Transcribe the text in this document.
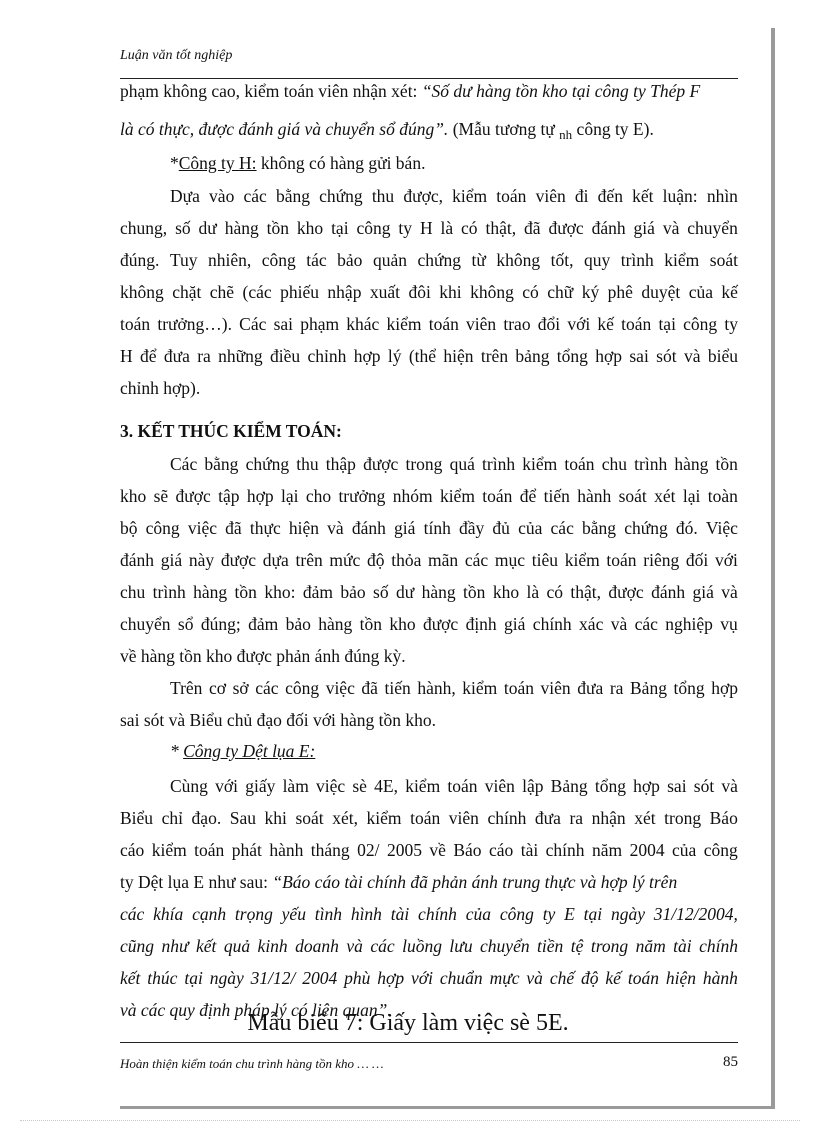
Luận văn tốt nghiệp
phạm không cao, kiểm toán viên nhận xét: “Số dư hàng tồn kho tại công ty Thép F
là có thực, được đánh giá và chuyển sổ đúng”. (Mẫu tương tự $_{nh}$ công ty E).
*Công ty H: không có hàng gửi bán.
Dựa vào các bằng chứng thu được, kiểm toán viên đi đến kết luận: nhìn
chung, số dư hàng tồn kho tại công ty H là có thật, đã được đánh giá và chuyển
đúng. Tuy nhiên, công tác bảo quản chứng từ không tốt, quy trình kiểm soát
không chặt chẽ (các phiếu nhập xuất đôi khi không có chữ ký phê duyệt của kế
toán trưởng…). Các sai phạm khác kiểm toán viên trao đổi với kế toán tại công ty
H để đưa ra những điều chỉnh hợp lý (thể hiện trên bảng tổng hợp sai sót và biểu
chỉnh hợp).
3. KẾT THÚC KIỂM TOÁN:
Các bằng chứng thu thập được trong quá trình kiểm toán chu trình hàng tồn
kho sẽ được tập hợp lại cho trưởng nhóm kiểm toán để tiến hành soát xét lại toàn
bộ công việc đã thực hiện và đánh giá tính đầy đủ của các bằng chứng đó. Việc
đánh giá này được dựa trên mức độ thỏa mãn các mục tiêu kiểm toán riêng đối với
chu trình hàng tồn kho: đảm bảo số dư hàng tồn kho là có thật, được đánh giá và
chuyển sổ đúng; đảm bảo hàng tồn kho được định giá chính xác và các nghiệp vụ
về hàng tồn kho được phản ánh đúng kỳ.
Trên cơ sở các công việc đã tiến hành, kiểm toán viên đưa ra Bảng tổng hợp
sai sót và Biểu chủ đạo đối với hàng tồn kho.
* Công ty Dệt lụa E:
Cùng với giấy làm việc sè 4E, kiểm toán viên lập Bảng tổng hợp sai sót và
Biểu chỉ đạo. Sau khi soát xét, kiểm toán viên chính đưa ra nhận xét trong Báo
cáo kiểm toán phát hành tháng 02/ 2005 về Báo cáo tài chính năm 2004 của công
ty Dệt lụa E như sau: “Báo cáo tài chính đã phản ánh trung thực và hợp lý trên
các khía cạnh trọng yếu tình hình tài chính của công ty E tại ngày 31/12/2004,
cũng như kết quả kinh doanh và các luồng lưu chuyển tiền tệ trong năm tài chính
kết thúc tại ngày 31/12/ 2004 phù hợp với chuẩn mực và chế độ kế toán hiện hành
và các quy định pháp lý có liên quan”.
Mẫu biểu 7: Giấy làm việc sè 5E.
Hoàn thiện kiểm toán chu trình hàng tồn kho … …	85
